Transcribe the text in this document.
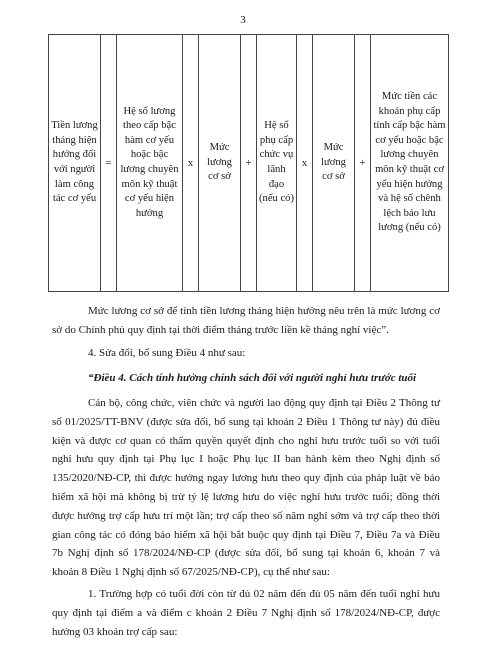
3
Tiền lương tháng hiện hưởng đối với người làm công tác cơ yếu	=	Hệ số lương theo cấp bậc hàm cơ yếu hoặc bậc lương chuyên môn kỹ thuật cơ yếu hiện hưởng	x	Mức lương cơ sở	+	Hệ số phụ cấp chức vụ lãnh đạo (nếu có)	x	Mức lương cơ sở	+	Mức tiền các khoản phụ cấp tính cấp bậc hàm cơ yếu hoặc bậc lương chuyên môn kỹ thuật cơ yếu hiện hưởng và hệ số chênh lệch bảo lưu lương (nếu có)

Mức lương cơ sở để tính tiền lương tháng hiện hưởng nêu trên là mức lương cơ sở do Chính phủ quy định tại thời điểm tháng trước liền kề tháng nghỉ việc”.

4. Sửa đổi, bổ sung Điều 4 như sau:

“Điều 4. Cách tính hưởng chính sách đối với người nghỉ hưu trước tuổi

Cán bộ, công chức, viên chức và người lao động quy định tại Điều 2 Thông tư số 01/2025/TT-BNV (được sửa đổi, bổ sung tại khoản 2 Điều 1 Thông tư này) đủ điều kiện và được cơ quan có thẩm quyền quyết định cho nghỉ hưu trước tuổi so với tuổi nghỉ hưu quy định tại Phụ lục I hoặc Phụ lục II ban hành kèm theo Nghị định số 135/2020/NĐ-CP, thì được hưởng ngay lương hưu theo quy định của pháp luật về bảo hiểm xã hội mà không bị trừ tỷ lệ lương hưu do việc nghỉ hưu trước tuổi; đồng thời được hưởng trợ cấp hưu trí một lần; trợ cấp theo số năm nghỉ sớm và trợ cấp theo thời gian công tác có đóng bảo hiểm xã hội bắt buộc quy định tại Điều 7, Điều 7a và Điều 7b Nghị định số 178/2024/NĐ-CP (được sửa đổi, bổ sung tại khoản 6, khoản 7 và khoản 8 Điều 1 Nghị định số 67/2025/NĐ-CP), cụ thể như sau:

1. Trường hợp có tuổi đời còn từ đủ 02 năm đến đủ 05 năm đến tuổi nghỉ hưu quy định tại điểm a và điểm c khoản 2 Điều 7 Nghị định số 178/2024/NĐ-CP, được hưởng 03 khoản trợ cấp sau:
